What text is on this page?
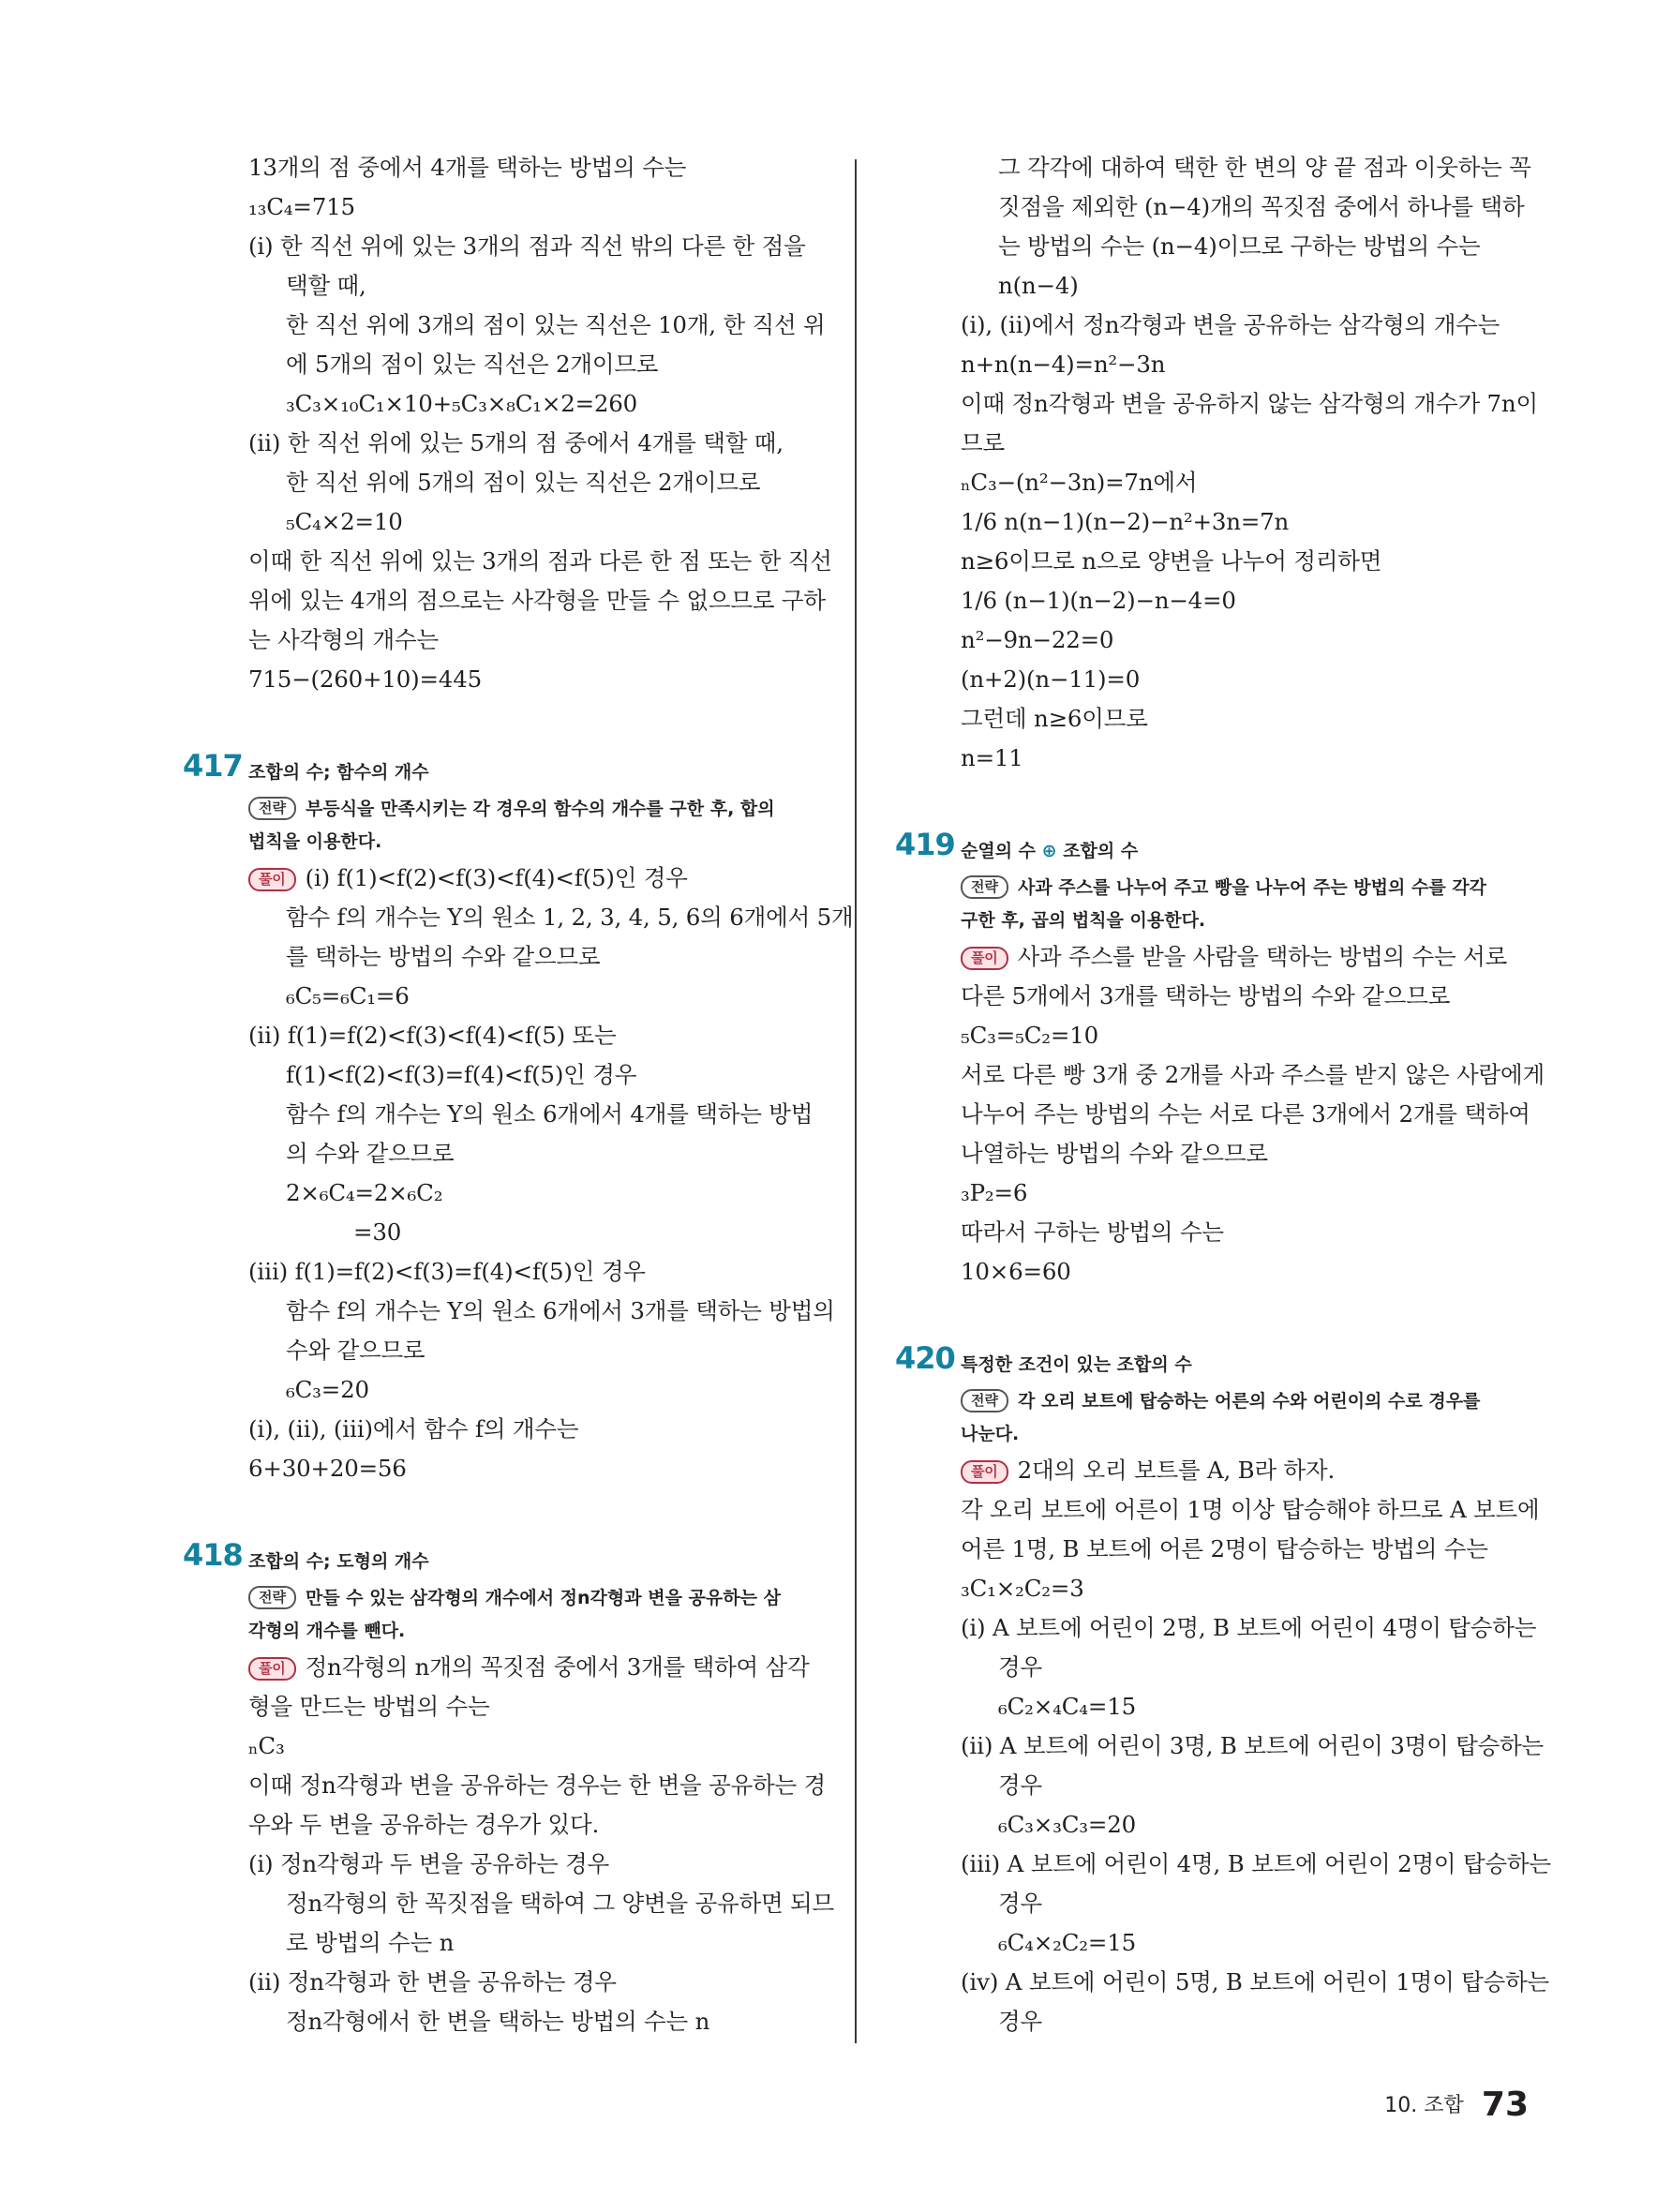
13개의 점 중에서 4개를 택하는 방법의 수는
₁₃C₄=715
(ⅰ) 한 직선 위에 있는 3개의 점과 직선 밖의 다른 한 점을
택할 때,
한 직선 위에 3개의 점이 있는 직선은 10개, 한 직선 위
에 5개의 점이 있는 직선은 2개이므로
₃C₃×₁₀C₁×10+₅C₃×₈C₁×2=260
(ⅱ) 한 직선 위에 있는 5개의 점 중에서 4개를 택할 때,
한 직선 위에 5개의 점이 있는 직선은 2개이므로
₅C₄×2=10
이때 한 직선 위에 있는 3개의 점과 다른 한 점 또는 한 직선
위에 있는 4개의 점으로는 사각형을 만들 수 없으므로 구하
는 사각형의 개수는
715−(260+10)=445
417 조합의 수; 함수의 개수
전략 부등식을 만족시키는 각 경우의 함수의 개수를 구한 후, 합의
법칙을 이용한다.
풀이 (ⅰ) f(1)<f(2)<f(3)<f(4)<f(5)인 경우
함수 f의 개수는 Y의 원소 1, 2, 3, 4, 5, 6의 6개에서 5개
를 택하는 방법의 수와 같으므로
₆C₅=₆C₁=6
(ⅱ) f(1)=f(2)<f(3)<f(4)<f(5) 또는
f(1)<f(2)<f(3)=f(4)<f(5)인 경우
함수 f의 개수는 Y의 원소 6개에서 4개를 택하는 방법
의 수와 같으므로
2×₆C₄=2×₆C₂
=30
(ⅲ) f(1)=f(2)<f(3)=f(4)<f(5)인 경우
함수 f의 개수는 Y의 원소 6개에서 3개를 택하는 방법의
수와 같으므로
₆C₃=20
(ⅰ), (ⅱ), (ⅲ)에서 함수 f의 개수는
6+30+20=56
418 조합의 수; 도형의 개수
전략 만들 수 있는 삼각형의 개수에서 정n각형과 변을 공유하는 삼
각형의 개수를 뺀다.
풀이 정n각형의 n개의 꼭짓점 중에서 3개를 택하여 삼각
형을 만드는 방법의 수는
ₙC₃
이때 정n각형과 변을 공유하는 경우는 한 변을 공유하는 경
우와 두 변을 공유하는 경우가 있다.
(ⅰ) 정n각형과 두 변을 공유하는 경우
정n각형의 한 꼭짓점을 택하여 그 양변을 공유하면 되므
로 방법의 수는 n
(ⅱ) 정n각형과 한 변을 공유하는 경우
정n각형에서 한 변을 택하는 방법의 수는 n
그 각각에 대하여 택한 한 변의 양 끝 점과 이웃하는 꼭
짓점을 제외한 (n−4)개의 꼭짓점 중에서 하나를 택하
는 방법의 수는 (n−4)이므로 구하는 방법의 수는
n(n−4)
(ⅰ), (ⅱ)에서 정n각형과 변을 공유하는 삼각형의 개수는
n+n(n−4)=n²−3n
이때 정n각형과 변을 공유하지 않는 삼각형의 개수가 7n이
므로
ₙC₃−(n²−3n)=7n에서
1/6 n(n−1)(n−2)−n²+3n=7n
n≥6이므로 n으로 양변을 나누어 정리하면
1/6 (n−1)(n−2)−n−4=0
n²−9n−22=0
(n+2)(n−11)=0
그런데 n≥6이므로
n=11
419 순열의 수 ⊕ 조합의 수
전략 사과 주스를 나누어 주고 빵을 나누어 주는 방법의 수를 각각
구한 후, 곱의 법칙을 이용한다.
풀이 사과 주스를 받을 사람을 택하는 방법의 수는 서로
다른 5개에서 3개를 택하는 방법의 수와 같으므로
₅C₃=₅C₂=10
서로 다른 빵 3개 중 2개를 사과 주스를 받지 않은 사람에게
나누어 주는 방법의 수는 서로 다른 3개에서 2개를 택하여
나열하는 방법의 수와 같으므로
₃P₂=6
따라서 구하는 방법의 수는
10×6=60
420 특정한 조건이 있는 조합의 수
전략 각 오리 보트에 탑승하는 어른의 수와 어린이의 수로 경우를
나눈다.
풀이 2대의 오리 보트를 A, B라 하자.
각 오리 보트에 어른이 1명 이상 탑승해야 하므로 A 보트에
어른 1명, B 보트에 어른 2명이 탑승하는 방법의 수는
₃C₁×₂C₂=3
(ⅰ) A 보트에 어린이 2명, B 보트에 어린이 4명이 탑승하는
경우
₆C₂×₄C₄=15
(ⅱ) A 보트에 어린이 3명, B 보트에 어린이 3명이 탑승하는
경우
₆C₃×₃C₃=20
(ⅲ) A 보트에 어린이 4명, B 보트에 어린이 2명이 탑승하는
경우
₆C₄×₂C₂=15
(ⅳ) A 보트에 어린이 5명, B 보트에 어린이 1명이 탑승하는
경우
10. 조합 73
